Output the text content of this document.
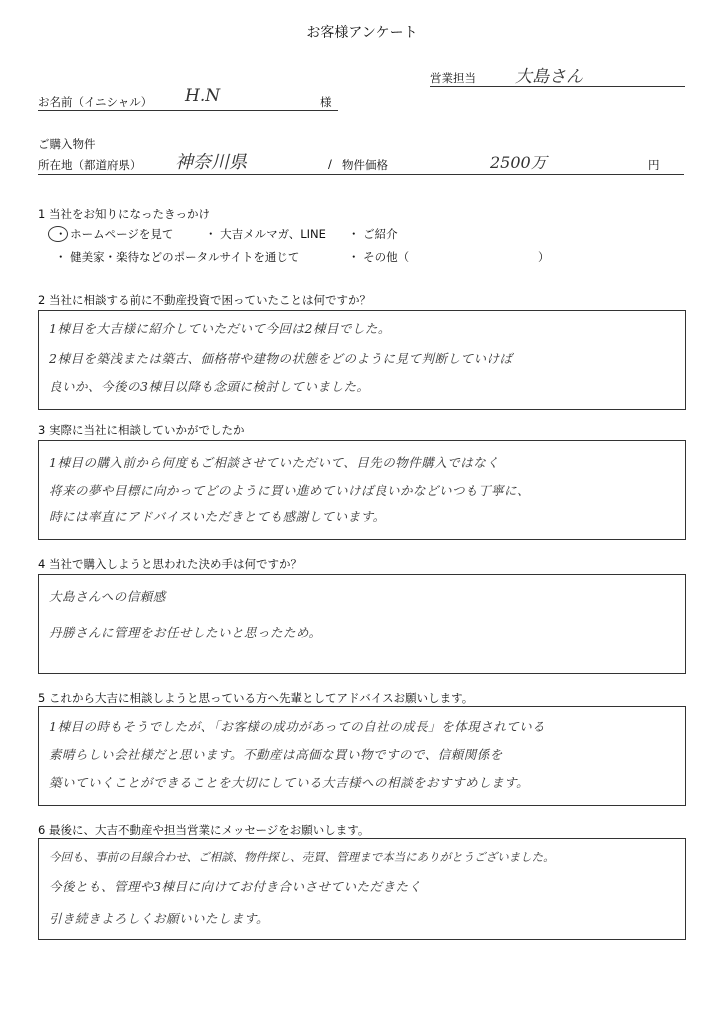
お客様アンケート
営業担当 大島さん
お名前（イニシャル） H.N	様
ご購入物件
所在地（都道府県） 神奈川県	/ 物件価格	2500万	円
1 当社をお知りになったきっかけ
・ ホームページを見て	・ 大吉メルマガ、LINE ・ ご紹介
・ 健美家・楽待などのポータルサイトを通じて	・ その他（	）
2 当社に相談する前に不動産投資で困っていたことは何ですか？
1棟目を大吉様に紹介していただいて今回は2棟目でした。
2棟目を築浅または築古、価格帯や建物の状態をどのように見て判断していけば
良いか、今後の3棟目以降も念頭に検討していました。
3 実際に当社に相談していかがでしたか
1棟目の購入前から何度もご相談させていただいて、目先の物件購入ではなく
将来の夢や目標に向かってどのように買い進めていけば良いかなどいつも丁寧に、
時には率直にアドバイスいただきとても感謝しています。
4 当社で購入しようと思われた決め手は何ですか？
大島さんへの信頼感
丹勝さんに管理をお任せしたいと思ったため。
5 これから大吉に相談しようと思っている方へ先輩としてアドバイスお願いします。
1棟目の時もそうでしたが、「お客様の成功があっての自社の成長」を体現されている
素晴らしい会社様だと思います。不動産は高価な買い物ですので、信頼関係を
築いていくことができることを大切にしている大吉様への相談をおすすめします。
6 最後に、大吉不動産や担当営業にメッセージをお願いします。
今回も、事前の目線合わせ、ご相談、物件探し、売買、管理まで本当にありがとうございました。
今後とも、管理や3棟目に向けてお付き合いさせていただきたく
引き続きよろしくお願いいたします。
